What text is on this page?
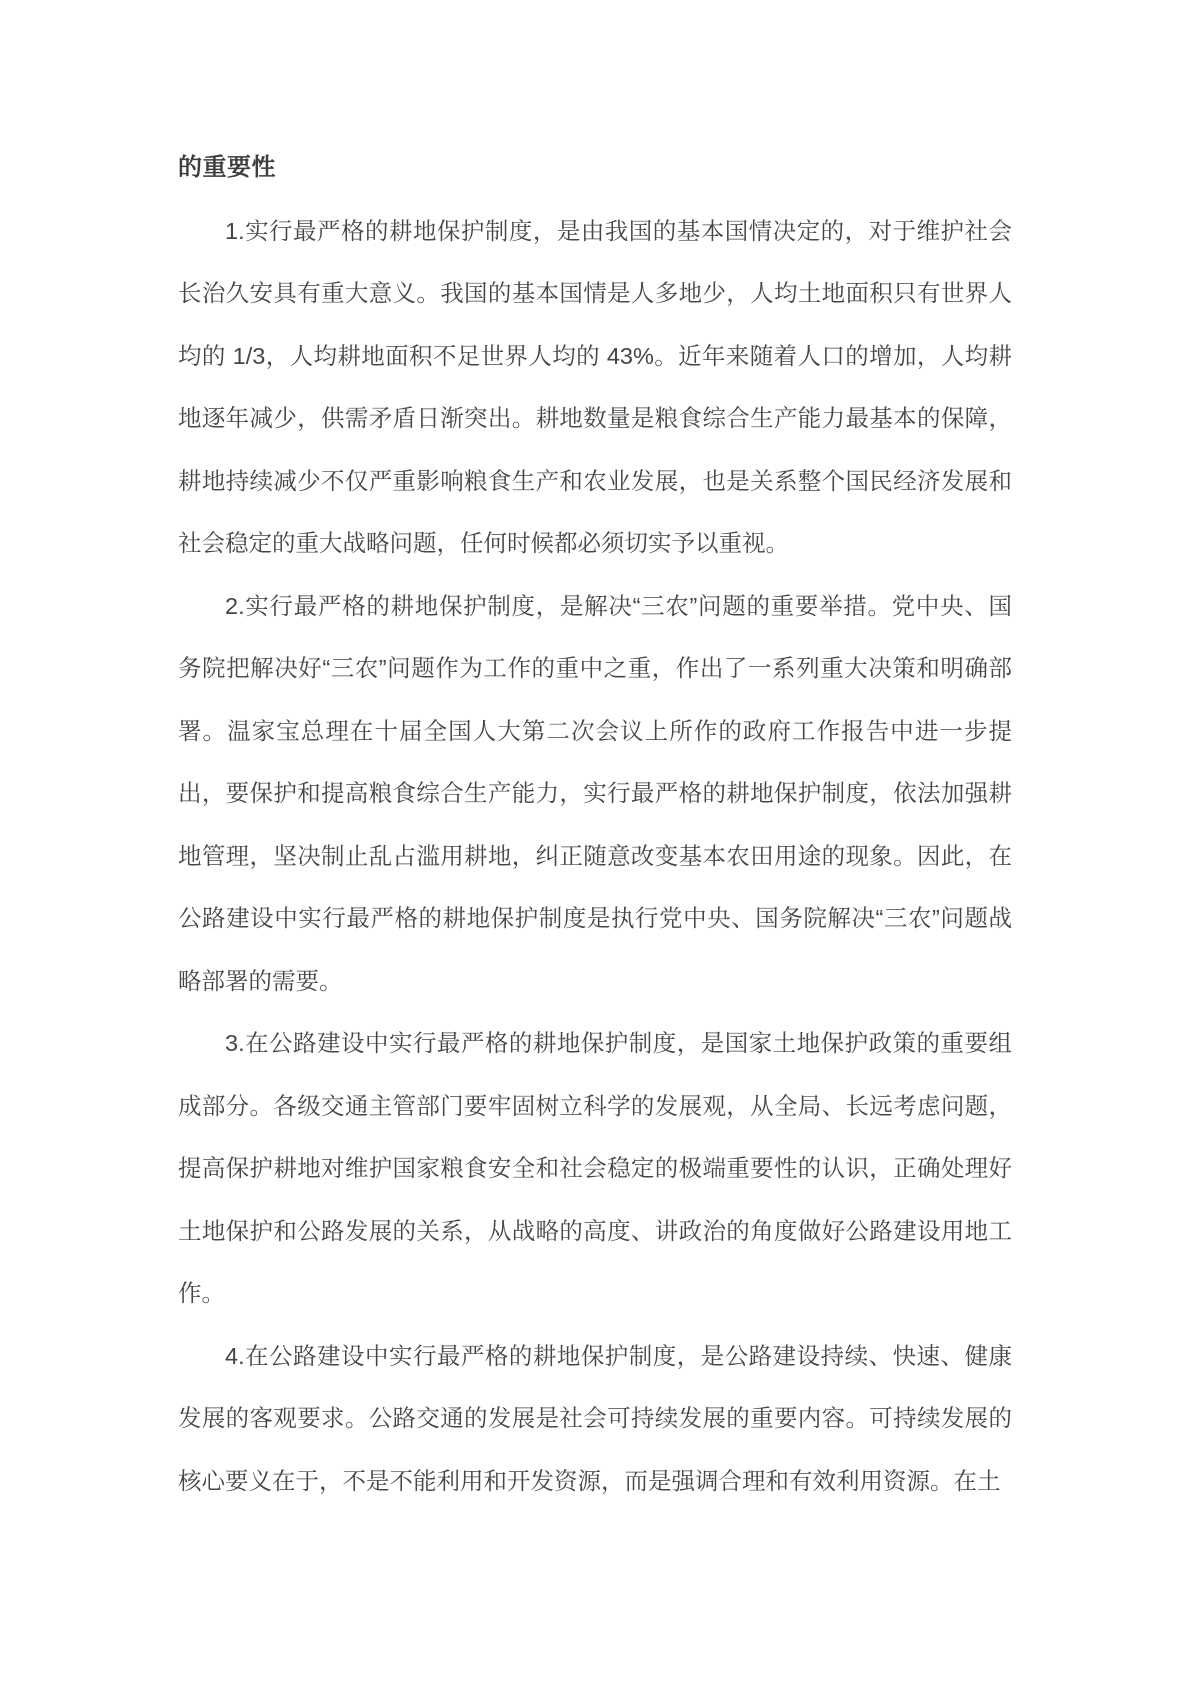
的重要性

1.实行最严格的耕地保护制度，是由我国的基本国情决定的，对于维护社会长治久安具有重大意义。我国的基本国情是人多地少，人均土地面积只有世界人均的 1/3，人均耕地面积不足世界人均的 43%。近年来随着人口的增加，人均耕地逐年减少，供需矛盾日渐突出。耕地数量是粮食综合生产能力最基本的保障，耕地持续减少不仅严重影响粮食生产和农业发展，也是关系整个国民经济发展和社会稳定的重大战略问题，任何时候都必须切实予以重视。

2.实行最严格的耕地保护制度，是解决“三农”问题的重要举措。党中央、国务院把解决好“三农”问题作为工作的重中之重，作出了一系列重大决策和明确部署。温家宝总理在十届全国人大第二次会议上所作的政府工作报告中进一步提出，要保护和提高粮食综合生产能力，实行最严格的耕地保护制度，依法加强耕地管理，坚决制止乱占滥用耕地，纠正随意改变基本农田用途的现象。因此，在公路建设中实行最严格的耕地保护制度是执行党中央、国务院解决“三农”问题战略部署的需要。

3.在公路建设中实行最严格的耕地保护制度，是国家土地保护政策的重要组成部分。各级交通主管部门要牢固树立科学的发展观，从全局、长远考虑问题，提高保护耕地对维护国家粮食安全和社会稳定的极端重要性的认识，正确处理好土地保护和公路发展的关系，从战略的高度、讲政治的角度做好公路建设用地工作。

4.在公路建设中实行最严格的耕地保护制度，是公路建设持续、快速、健康发展的客观要求。公路交通的发展是社会可持续发展的重要内容。可持续发展的核心要义在于，不是不能利用和开发资源，而是强调合理和有效利用资源。在土
